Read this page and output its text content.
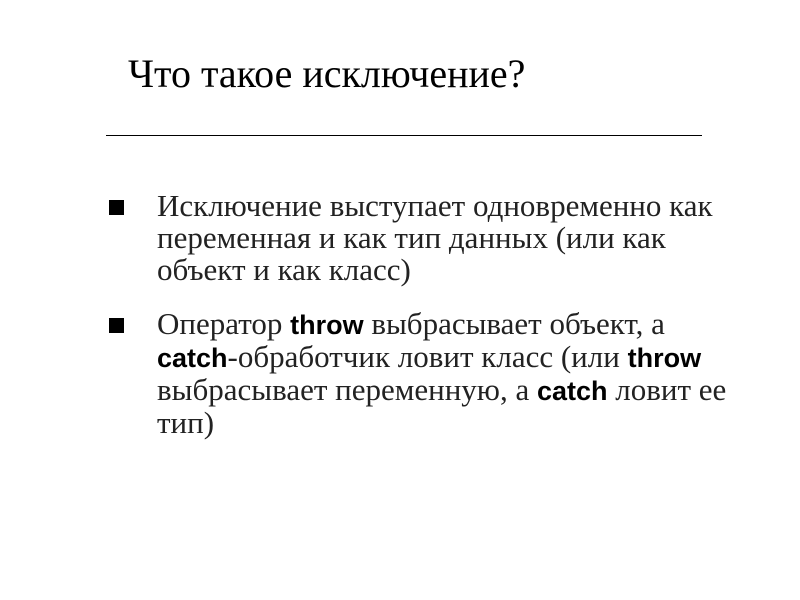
Что такое исключение?
Исключение выступает одновременно как переменная и как тип данных (или как объект и как класс)
Оператор throw выбрасывает объект, а catch-обработчик ловит класс (или throw выбрасывает переменную, а catch ловит ее тип)
